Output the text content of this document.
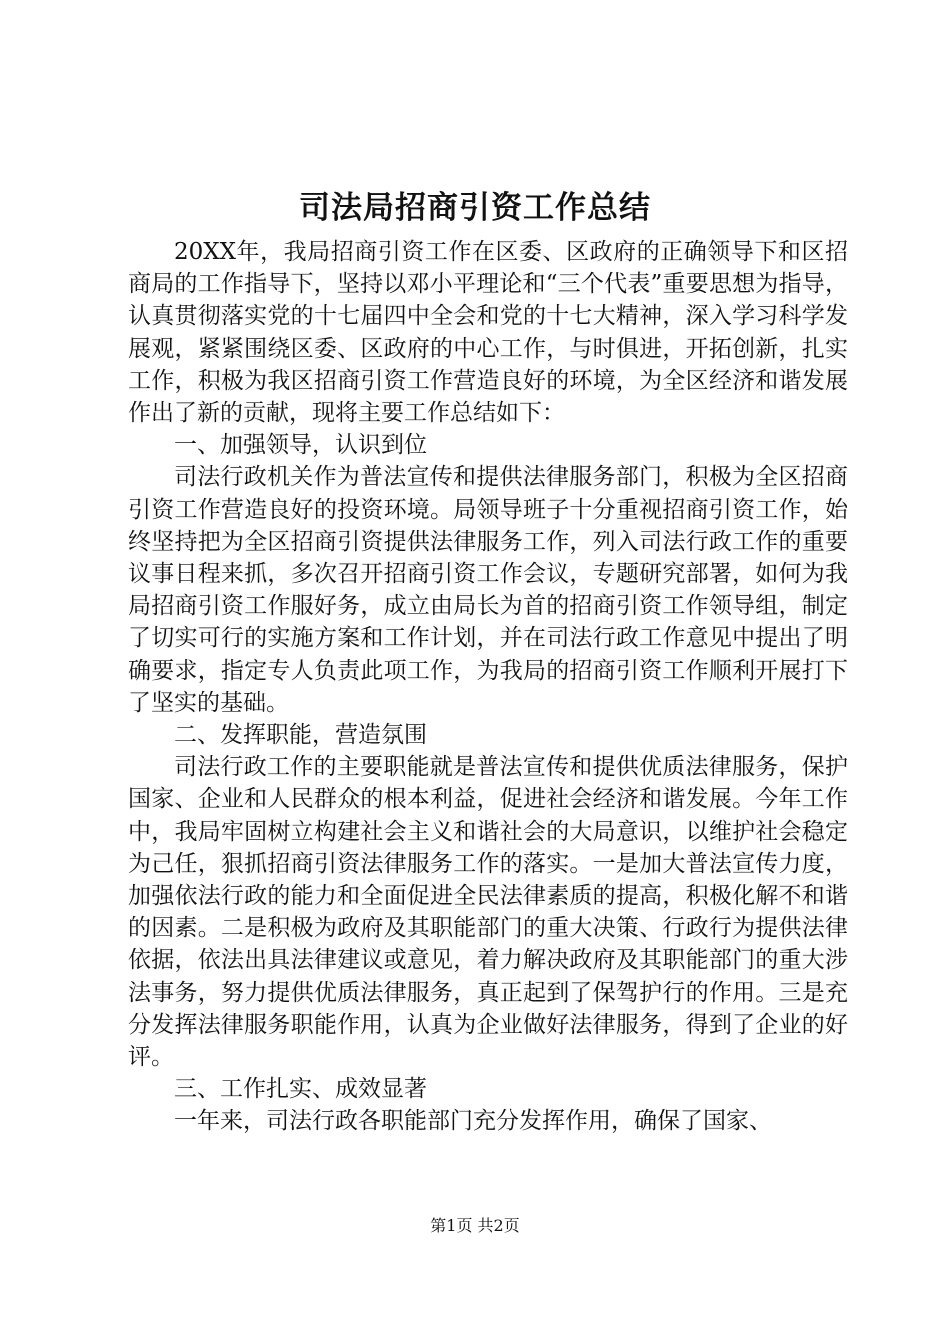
司法局招商引资工作总结

20XX年，我局招商引资工作在区委、区政府的正确领导下和区招商局的工作指导下，坚持以邓小平理论和“三个代表”重要思想为指导，认真贯彻落实党的十七届四中全会和党的十七大精神，深入学习科学发展观，紧紧围绕区委、区政府的中心工作，与时俱进，开拓创新，扎实工作，积极为我区招商引资工作营造良好的环境，为全区经济和谐发展作出了新的贡献，现将主要工作总结如下：

一、加强领导，认识到位

司法行政机关作为普法宣传和提供法律服务部门，积极为全区招商引资工作营造良好的投资环境。局领导班子十分重视招商引资工作，始终坚持把为全区招商引资提供法律服务工作，列入司法行政工作的重要议事日程来抓，多次召开招商引资工作会议，专题研究部署，如何为我局招商引资工作服好务，成立由局长为首的招商引资工作领导组，制定了切实可行的实施方案和工作计划，并在司法行政工作意见中提出了明确要求，指定专人负责此项工作，为我局的招商引资工作顺利开展打下了坚实的基础。

二、发挥职能，营造氛围

司法行政工作的主要职能就是普法宣传和提供优质法律服务，保护国家、企业和人民群众的根本利益，促进社会经济和谐发展。今年工作中，我局牢固树立构建社会主义和谐社会的大局意识，以维护社会稳定为己任，狠抓招商引资法律服务工作的落实。一是加大普法宣传力度，加强依法行政的能力和全面促进全民法律素质的提高，积极化解不和谐的因素。二是积极为政府及其职能部门的重大决策、行政行为提供法律依据，依法出具法律建议或意见，着力解决政府及其职能部门的重大涉法事务，努力提供优质法律服务，真正起到了保驾护行的作用。三是充分发挥法律服务职能作用，认真为企业做好法律服务，得到了企业的好评。

三、工作扎实、成效显著

一年来，司法行政各职能部门充分发挥作用，确保了国家、

第1页 共2页
